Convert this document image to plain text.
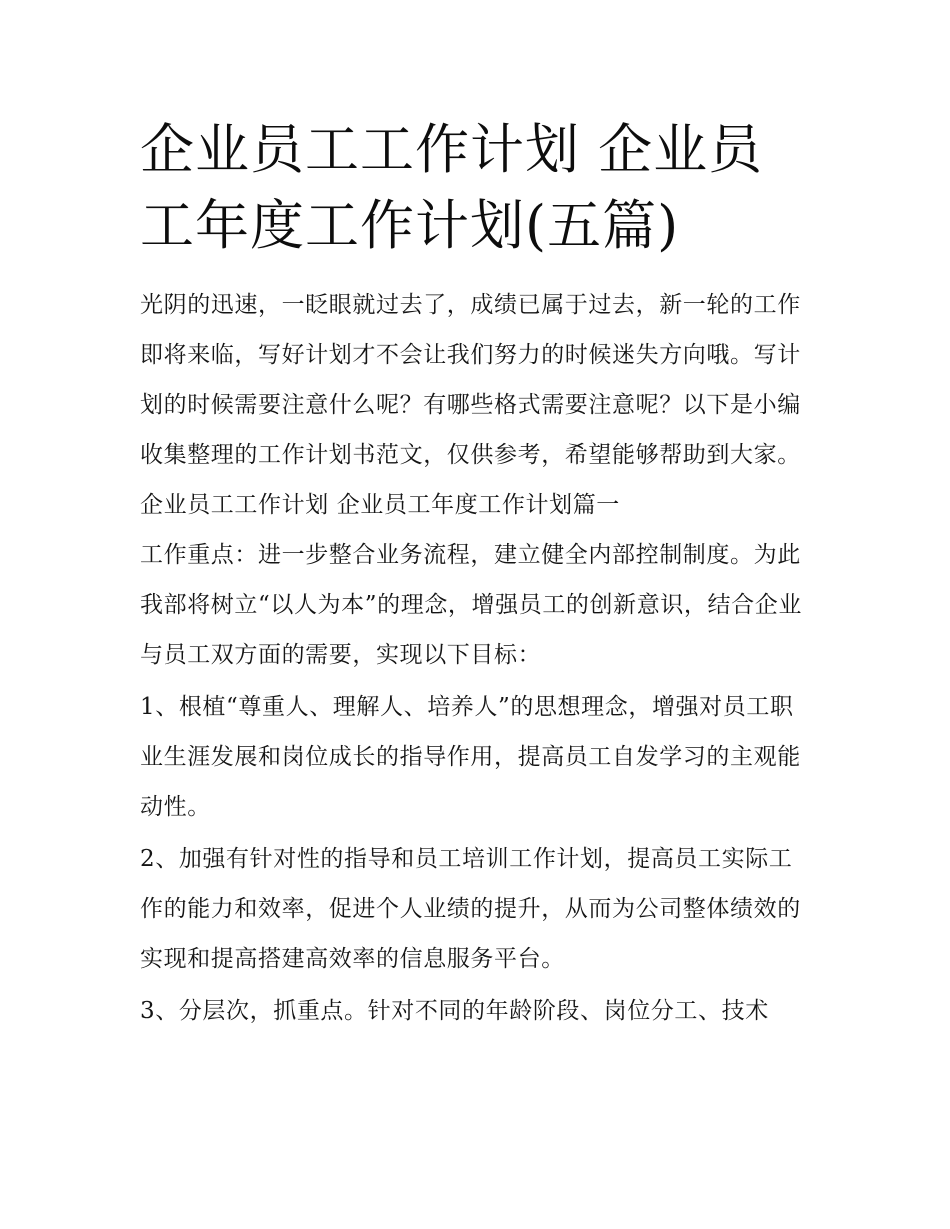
企业员工工作计划 企业员工年度工作计划(五篇)

光阴的迅速，一眨眼就过去了，成绩已属于过去，新一轮的工作即将来临，写好计划才不会让我们努力的时候迷失方向哦。写计划的时候需要注意什么呢？有哪些格式需要注意呢？以下是小编收集整理的工作计划书范文，仅供参考，希望能够帮助到大家。

企业员工工作计划 企业员工年度工作计划篇一

工作重点：进一步整合业务流程，建立健全内部控制制度。为此我部将树立“以人为本”的理念，增强员工的创新意识，结合企业与员工双方面的需要，实现以下目标：

1、根植“尊重人、理解人、培养人”的思想理念，增强对员工职业生涯发展和岗位成长的指导作用，提高员工自发学习的主观能动性。

2、加强有针对性的指导和员工培训工作计划，提高员工实际工作的能力和效率，促进个人业绩的提升，从而为公司整体绩效的实现和提高搭建高效率的信息服务平台。

3、分层次，抓重点。针对不同的年龄阶段、岗位分工、技术
